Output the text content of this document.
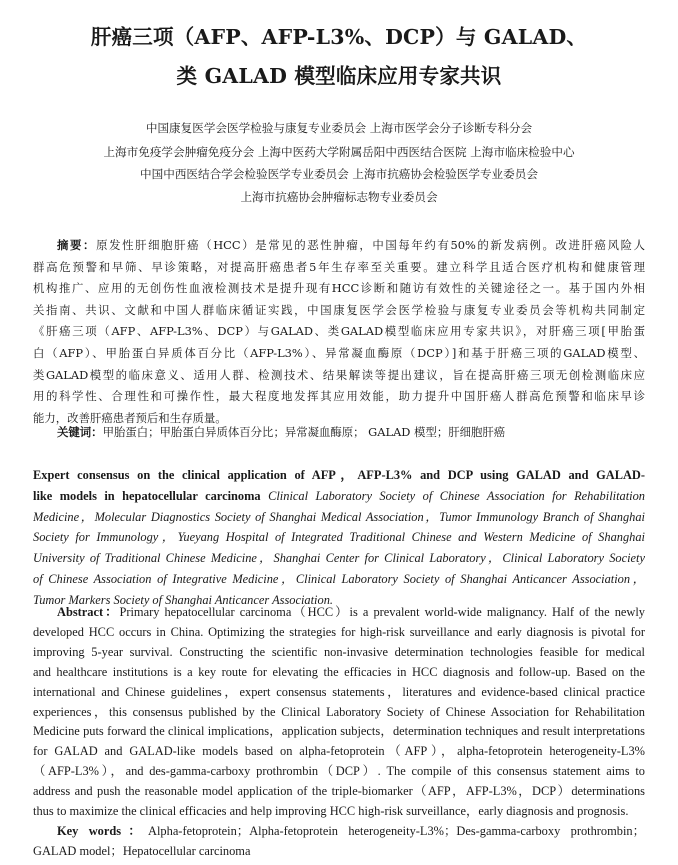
肝癌三项（AFP、AFP-L3%、DCP）与 GALAD、
类 GALAD 模型临床应用专家共识
中国康复医学会医学检验与康复专业委员会 上海市医学会分子诊断专科分会
上海市免疫学会肿瘤免疫分会 上海中医药大学附属岳阳中西医结合医院 上海市临床检验中心
中国中西医结合学会检验医学专业委员会 上海市抗癌协会检验医学专业委员会
上海市抗癌协会肿瘤标志物专业委员会
摘要：原发性肝细胞肝癌（HCC）是常见的恶性肿瘤，中国每年约有50%的新发病例。改进肝癌风险人
群高危预警和早筛、早诊策略，对提高肝癌患者5年生存率至关重要。建立科学且适合医疗机构和健康管理
机构推广、应用的无创伤性血液检测技术是提升现有HCC诊断和随访有效性的关键途径之一。基于国内外相
关指南、共识、文献和中国人群临床循证实践，中国康复医学会医学检验与康复专业委员会等机构共同制定
《肝癌三项（AFP、AFP-L3%、DCP）与GALAD、类GALAD模型临床应用专家共识》，对肝癌三项[甲胎蛋
白（AFP）、甲胎蛋白异质体百分比（AFP-L3%）、异常凝血酶原（DCP）]和基于肝癌三项的GALAD模型、
类GALAD模型的临床意义、适用人群、检测技术、结果解读等提出建议，旨在提高肝癌三项无创检测临床应
用的科学性、合理性和可操作性，最大程度地发挥其应用效能，助力提升中国肝癌人群高危预警和临床早诊
能力，改善肝癌患者预后和生存质量。
关键词：甲胎蛋白；甲胎蛋白异质体百分比；异常凝血酶原； GALAD 模型；肝细胞肝癌
Expert consensus on the clinical application of AFP，AFP-L3% and DCP using GALAD and GALAD-
like models in hepatocellular carcinoma Clinical Laboratory Society of Chinese Association for Rehabilitation
Medicine，Molecular Diagnostics Society of Shanghai Medical Association，Tumor Immunology Branch of Shanghai
Society for Immunology，Yueyang Hospital of Integrated Traditional Chinese and Western Medicine of Shanghai
University of Traditional Chinese Medicine，Shanghai Center for Clinical Laboratory，Clinical Laboratory Society
of Chinese Association of Integrative Medicine，Clinical Laboratory Society of Shanghai Anticancer Association，
Tumor Markers Society of Shanghai Anticancer Association.
Abstract：Primary hepatocellular carcinoma（HCC）is a prevalent world-wide malignancy. Half of the newly
developed HCC occurs in China. Optimizing the strategies for high-risk surveillance and early diagnosis is pivotal for
improving 5-year survival. Constructing the scientific non-invasive determination technologies feasible for medical
and healthcare institutions is a key route for elevating the efficacies in HCC diagnosis and follow-up. Based on the
international and Chinese guidelines，expert consensus statements，literatures and evidence-based clinical practice
experiences，this consensus published by the Clinical Laboratory Society of Chinese Association for Rehabilitation
Medicine puts forward the clinical implications，application subjects，determination techniques and result interpretations
for GALAD and GALAD-like models based on alpha-fetoprotein（AFP），alpha-fetoprotein heterogeneity-L3%
（AFP-L3%），and des-gamma-carboxy prothrombin（DCP）. The compile of this consensus statement aims to
address and push the reasonable model application of the triple-biomarker（AFP，AFP-L3%，DCP）determinations
thus to maximize the clinical efficacies and help improving HCC high-risk surveillance，early diagnosis and prognosis.
Key words：Alpha-fetoprotein；Alpha-fetoprotein heterogeneity-L3%；Des-gamma-carboxy prothrombin；
GALAD model；Hepatocellular carcinoma
